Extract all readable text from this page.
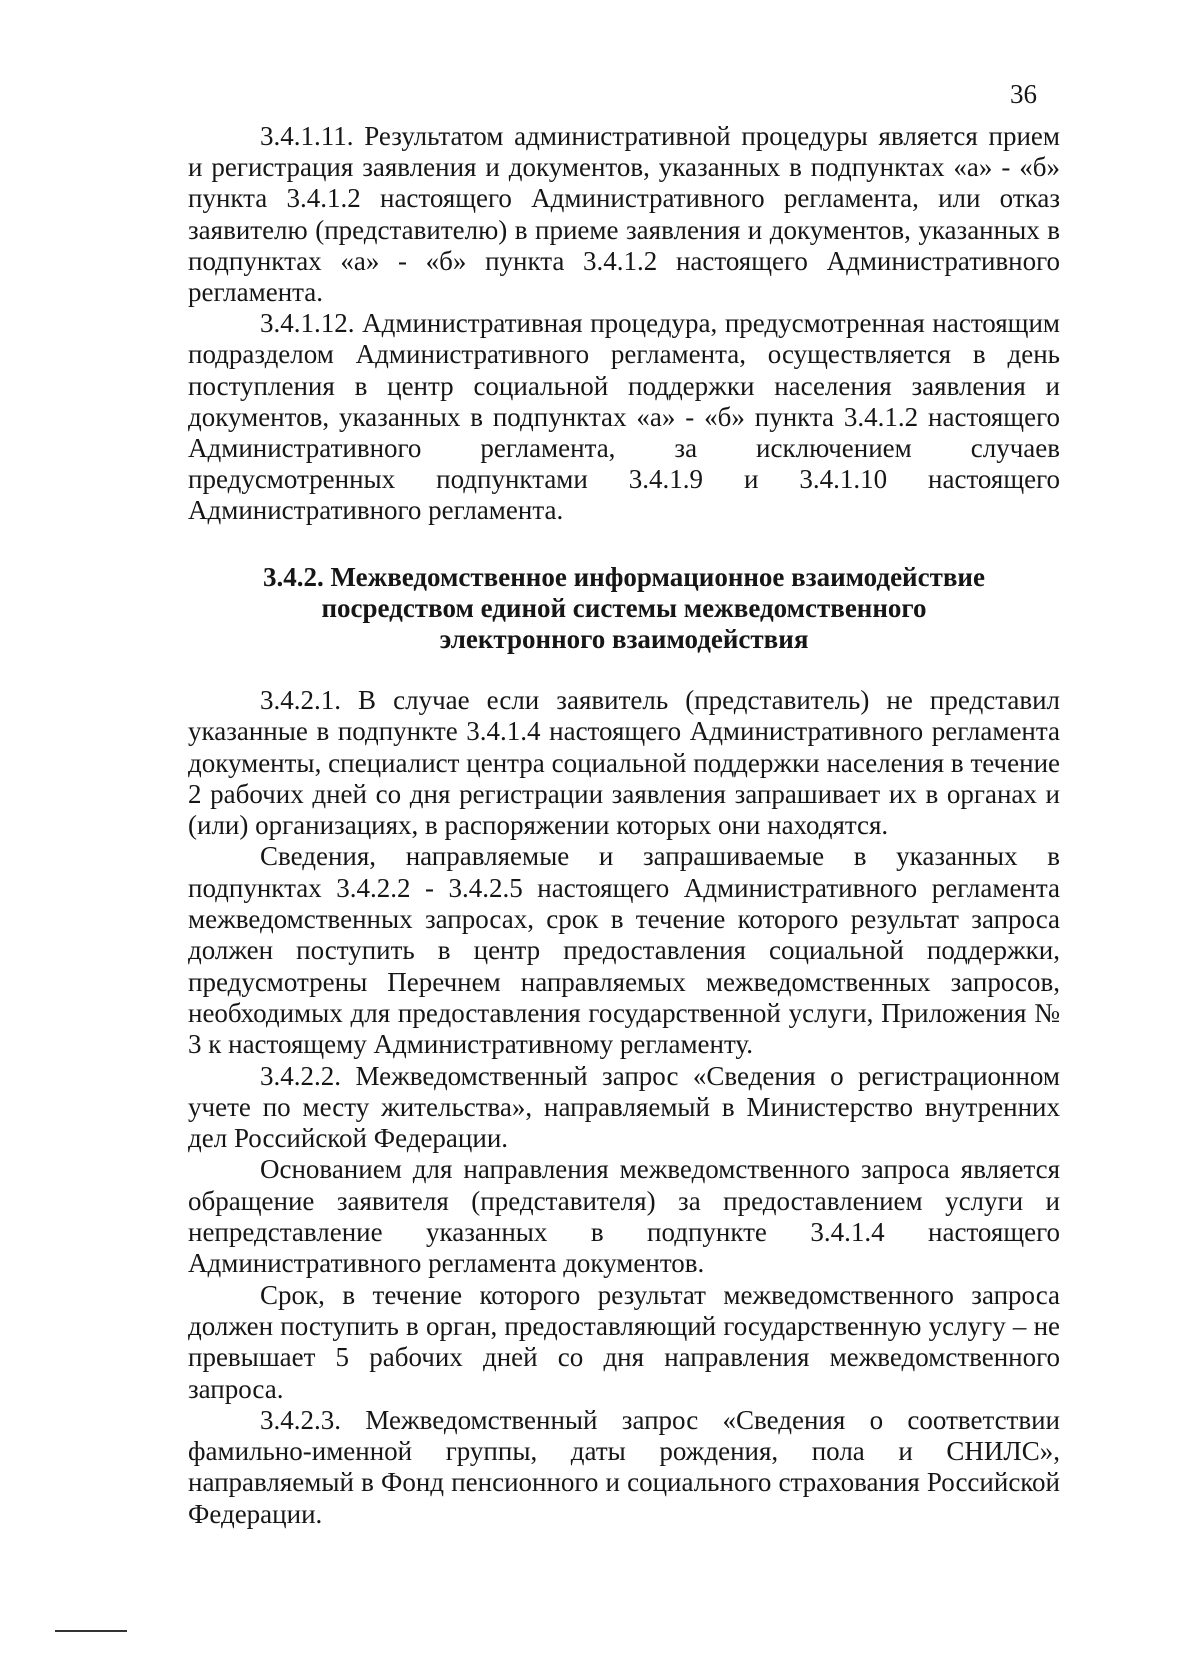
36

3.4.1.11. Результатом административной процедуры является прием и регистрация заявления и документов, указанных в подпунктах «а» - «б» пункта 3.4.1.2 настоящего Административного регламента, или отказ заявителю (представителю) в приеме заявления и документов, указанных в подпунктах «а» - «б» пункта 3.4.1.2 настоящего Административного регламента.

3.4.1.12. Административная процедура, предусмотренная настоящим подразделом Административного регламента, осуществляется в день поступления в центр социальной поддержки населения заявления и документов, указанных в подпунктах «а» - «б» пункта 3.4.1.2 настоящего Административного регламента, за исключением случаев предусмотренных подпунктами 3.4.1.9 и 3.4.1.10 настоящего Административного регламента.

3.4.2. Межведомственное информационное взаимодействие
посредством единой системы межведомственного
электронного взаимодействия

3.4.2.1. В случае если заявитель (представитель) не представил указанные в подпункте 3.4.1.4 настоящего Административного регламента документы, специалист центра социальной поддержки населения в течение 2 рабочих дней со дня регистрации заявления запрашивает их в органах и (или) организациях, в распоряжении которых они находятся.

Сведения, направляемые и запрашиваемые в указанных в подпунктах 3.4.2.2 - 3.4.2.5 настоящего Административного регламента межведомственных запросах, срок в течение которого результат запроса должен поступить в центр предоставления социальной поддержки, предусмотрены Перечнем направляемых межведомственных запросов, необходимых для предоставления государственной услуги, Приложения № 3 к настоящему Административному регламенту.

3.4.2.2. Межведомственный запрос «Сведения о регистрационном учете по месту жительства», направляемый в Министерство внутренних дел Российской Федерации.

Основанием для направления межведомственного запроса является обращение заявителя (представителя) за предоставлением услуги и непредставление указанных в подпункте 3.4.1.4 настоящего Административного регламента документов.

Срок, в течение которого результат межведомственного запроса должен поступить в орган, предоставляющий государственную услугу – не превышает 5 рабочих дней со дня направления межведомственного запроса.

3.4.2.3. Межведомственный запрос «Сведения о соответствии фамильно-именной группы, даты рождения, пола и СНИЛС», направляемый в Фонд пенсионного и социального страхования Российской Федерации.
